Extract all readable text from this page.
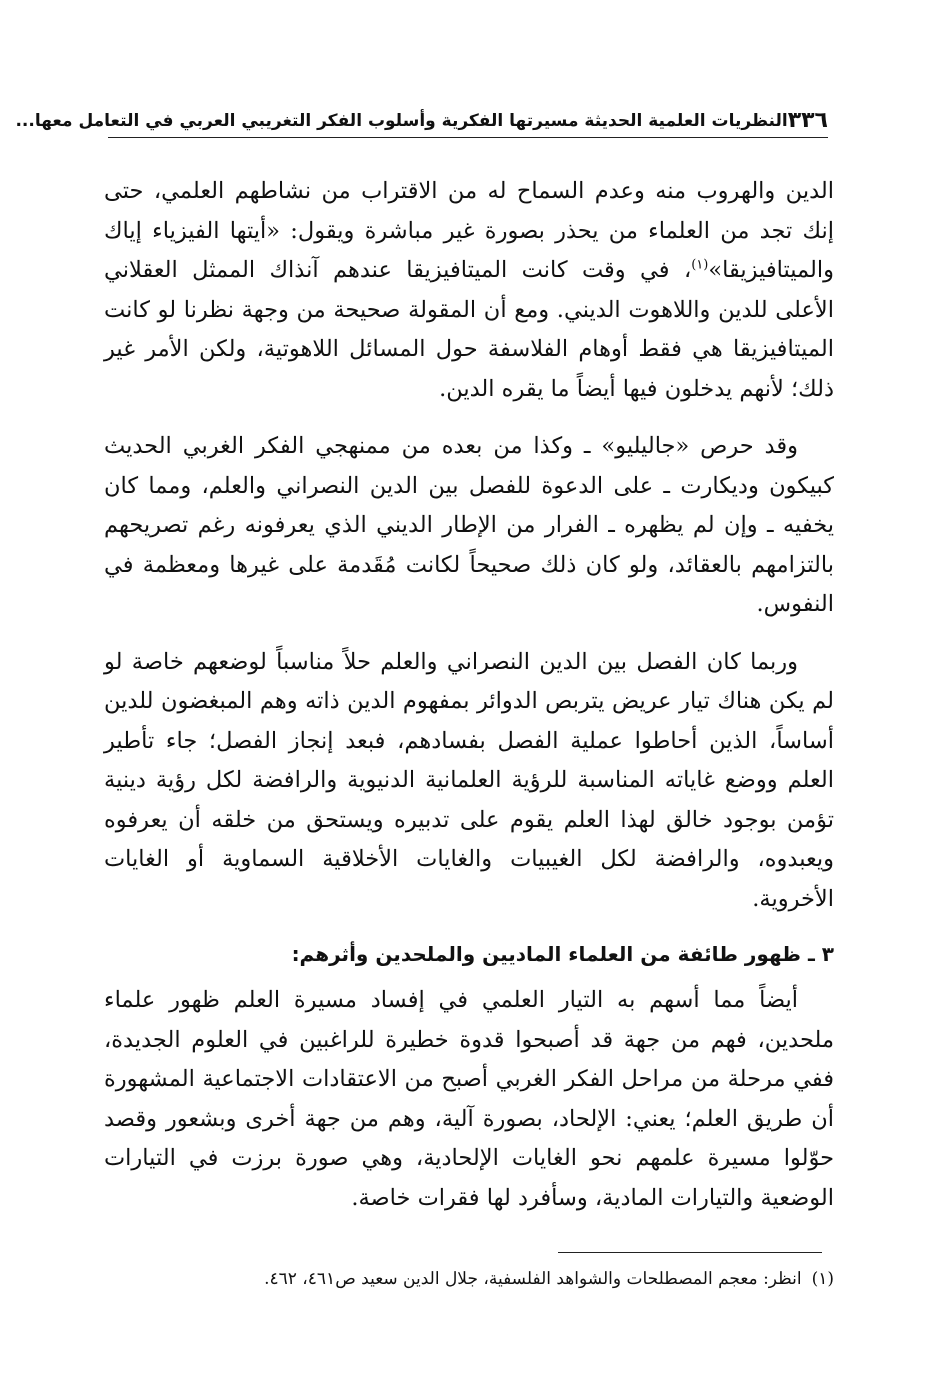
٣٣٦
النظريات العلمية الحديثة مسيرتها الفكرية وأسلوب الفكر التغريبي العربي في التعامل معها...

الدين والهروب منه وعدم السماح له من الاقتراب من نشاطهم العلمي، حتى إنك تجد من العلماء من يحذر بصورة غير مباشرة ويقول: «أيتها الفيزياء إياك والميتافيزيقا»$^{(١)}$، في وقت كانت الميتافيزيقا عندهم آنذاك الممثل العقلاني الأعلى للدين واللاهوت الديني. ومع أن المقولة صحيحة من وجهة نظرنا لو كانت الميتافيزيقا هي فقط أوهام الفلاسفة حول المسائل اللاهوتية، ولكن الأمر غير ذلك؛ لأنهم يدخلون فيها أيضاً ما يقره الدين.

وقد حرص «جاليليو» ـ وكذا من بعده من ممنهجي الفكر الغربي الحديث كبيكون وديكارت ـ على الدعوة للفصل بين الدين النصراني والعلم، ومما كان يخفيه ـ وإن لم يظهره ـ الفرار من الإطار الديني الذي يعرفونه رغم تصريحهم بالتزامهم بالعقائد، ولو كان ذلك صحيحاً لكانت مُقَدمة على غيرها ومعظمة في النفوس.

وربما كان الفصل بين الدين النصراني والعلم حلاً مناسباً لوضعهم خاصة لو لم يكن هناك تيار عريض يتربص الدوائر بمفهوم الدين ذاته وهم المبغضون للدين أساساً، الذين أحاطوا عملية الفصل بفسادهم، فبعد إنجاز الفصل؛ جاء تأطير العلم ووضع غاياته المناسبة للرؤية العلمانية الدنيوية والرافضة لكل رؤية دينية تؤمن بوجود خالق لهذا العلم يقوم على تدبيره ويستحق من خلقه أن يعرفوه ويعبدوه، والرافضة لكل الغيبيات والغايات الأخلاقية السماوية أو الغايات الأخروية.

٣ ـ ظهور طائفة من العلماء الماديين والملحدين وأثرهم:

أيضاً مما أسهم به التيار العلمي في إفساد مسيرة العلم ظهور علماء ملحدين، فهم من جهة قد أصبحوا قدوة خطيرة للراغبين في العلوم الجديدة، ففي مرحلة من مراحل الفكر الغربي أصبح من الاعتقادات الاجتماعية المشهورة أن طريق العلم؛ يعني: الإلحاد، بصورة آلية، وهم من جهة أخرى وبشعور وقصد حوّلوا مسيرة علمهم نحو الغايات الإلحادية، وهي صورة برزت في التيارات الوضعية والتيارات المادية، وسأفرد لها فقرات خاصة.

(١)انظر: معجم المصطلحات والشواهد الفلسفية، جلال الدين سعيد ص٤٦١، ٤٦٢.
